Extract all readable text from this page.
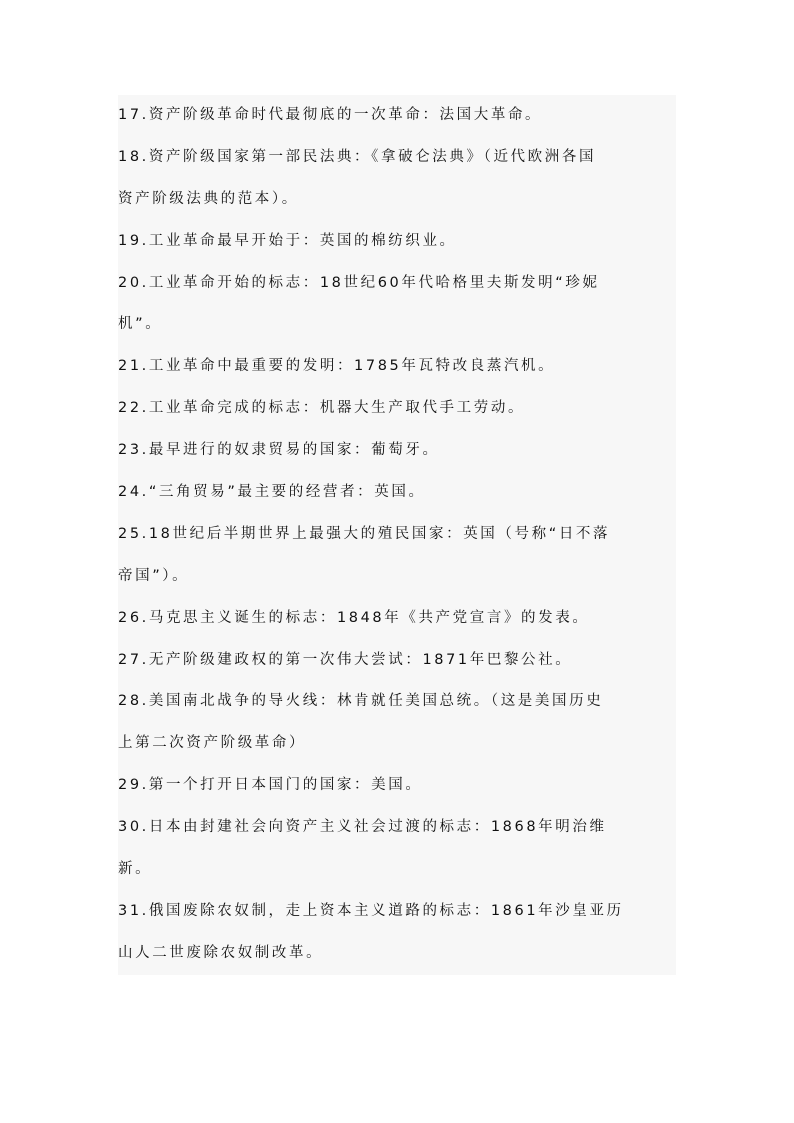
17.资产阶级革命时代最彻底的一次革命：法国大革命。
18.资产阶级国家第一部民法典：《拿破仑法典》（近代欧洲各国
资产阶级法典的范本）。
19.工业革命最早开始于：英国的棉纺织业。
20.工业革命开始的标志：18世纪60年代哈格里夫斯发明“珍妮
机”。
21.工业革命中最重要的发明：1785年瓦特改良蒸汽机。
22.工业革命完成的标志：机器大生产取代手工劳动。
23.最早进行的奴隶贸易的国家：葡萄牙。
24.“三角贸易”最主要的经营者：英国。
25.18世纪后半期世界上最强大的殖民国家：英国（号称“日不落
帝国”）。
26.马克思主义诞生的标志：1848年《共产党宣言》的发表。
27.无产阶级建政权的第一次伟大尝试：1871年巴黎公社。
28.美国南北战争的导火线：林肯就任美国总统。（这是美国历史
上第二次资产阶级革命）
29.第一个打开日本国门的国家：美国。
30.日本由封建社会向资产主义社会过渡的标志：1868年明治维
新。
31.俄国废除农奴制，走上资本主义道路的标志：1861年沙皇亚历
山人二世废除农奴制改革。
